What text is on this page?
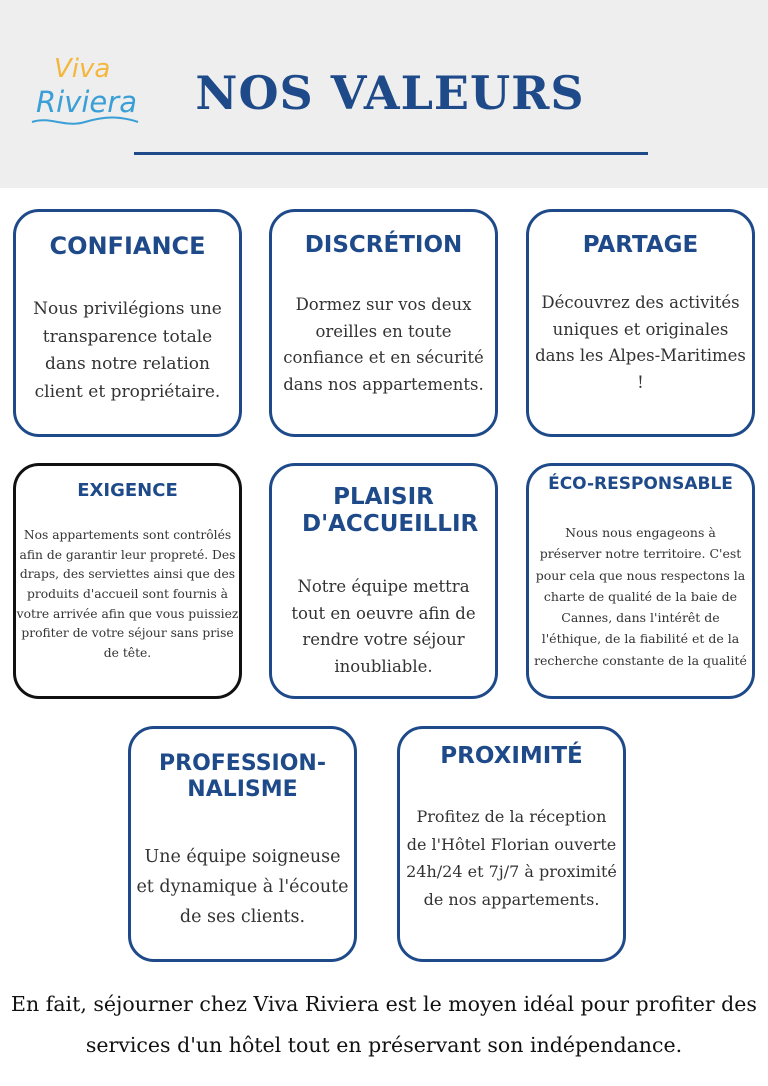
Viva
Riviera	NOS VALEURS
CONFIANCE
Nous privilégions une transparence totale dans notre relation client et propriétaire.
DISCRÉTION
Dormez sur vos deux oreilles en toute confiance et en sécurité dans nos appartements.
PARTAGE
Découvrez des activités uniques et originales dans les Alpes-Maritimes !
EXIGENCE
Nos appartements sont contrôlés afin de garantir leur propreté. Des draps, des serviettes ainsi que des produits d'accueil sont fournis à votre arrivée afin que vous puissiez profiter de votre séjour sans prise de tête.
PLAISIR D'ACCUEILLIR
Notre équipe mettra tout en oeuvre afin de rendre votre séjour inoubliable.
ÉCO-RESPONSABLE
Nous nous engageons à préserver notre territoire. C'est pour cela que nous respectons la charte de qualité de la baie de Cannes, dans l'intérêt de l'éthique, de la fiabilité et de la recherche constante de la qualité
PROFESSION-NALISME
Une équipe soigneuse et dynamique à l'écoute de ses clients.
PROXIMITÉ
Profitez de la réception de l'Hôtel Florian ouverte 24h/24 et 7j/7 à proximité de nos appartements.
En fait, séjourner chez Viva Riviera est le moyen idéal pour profiter des services d'un hôtel tout en préservant son indépendance.
